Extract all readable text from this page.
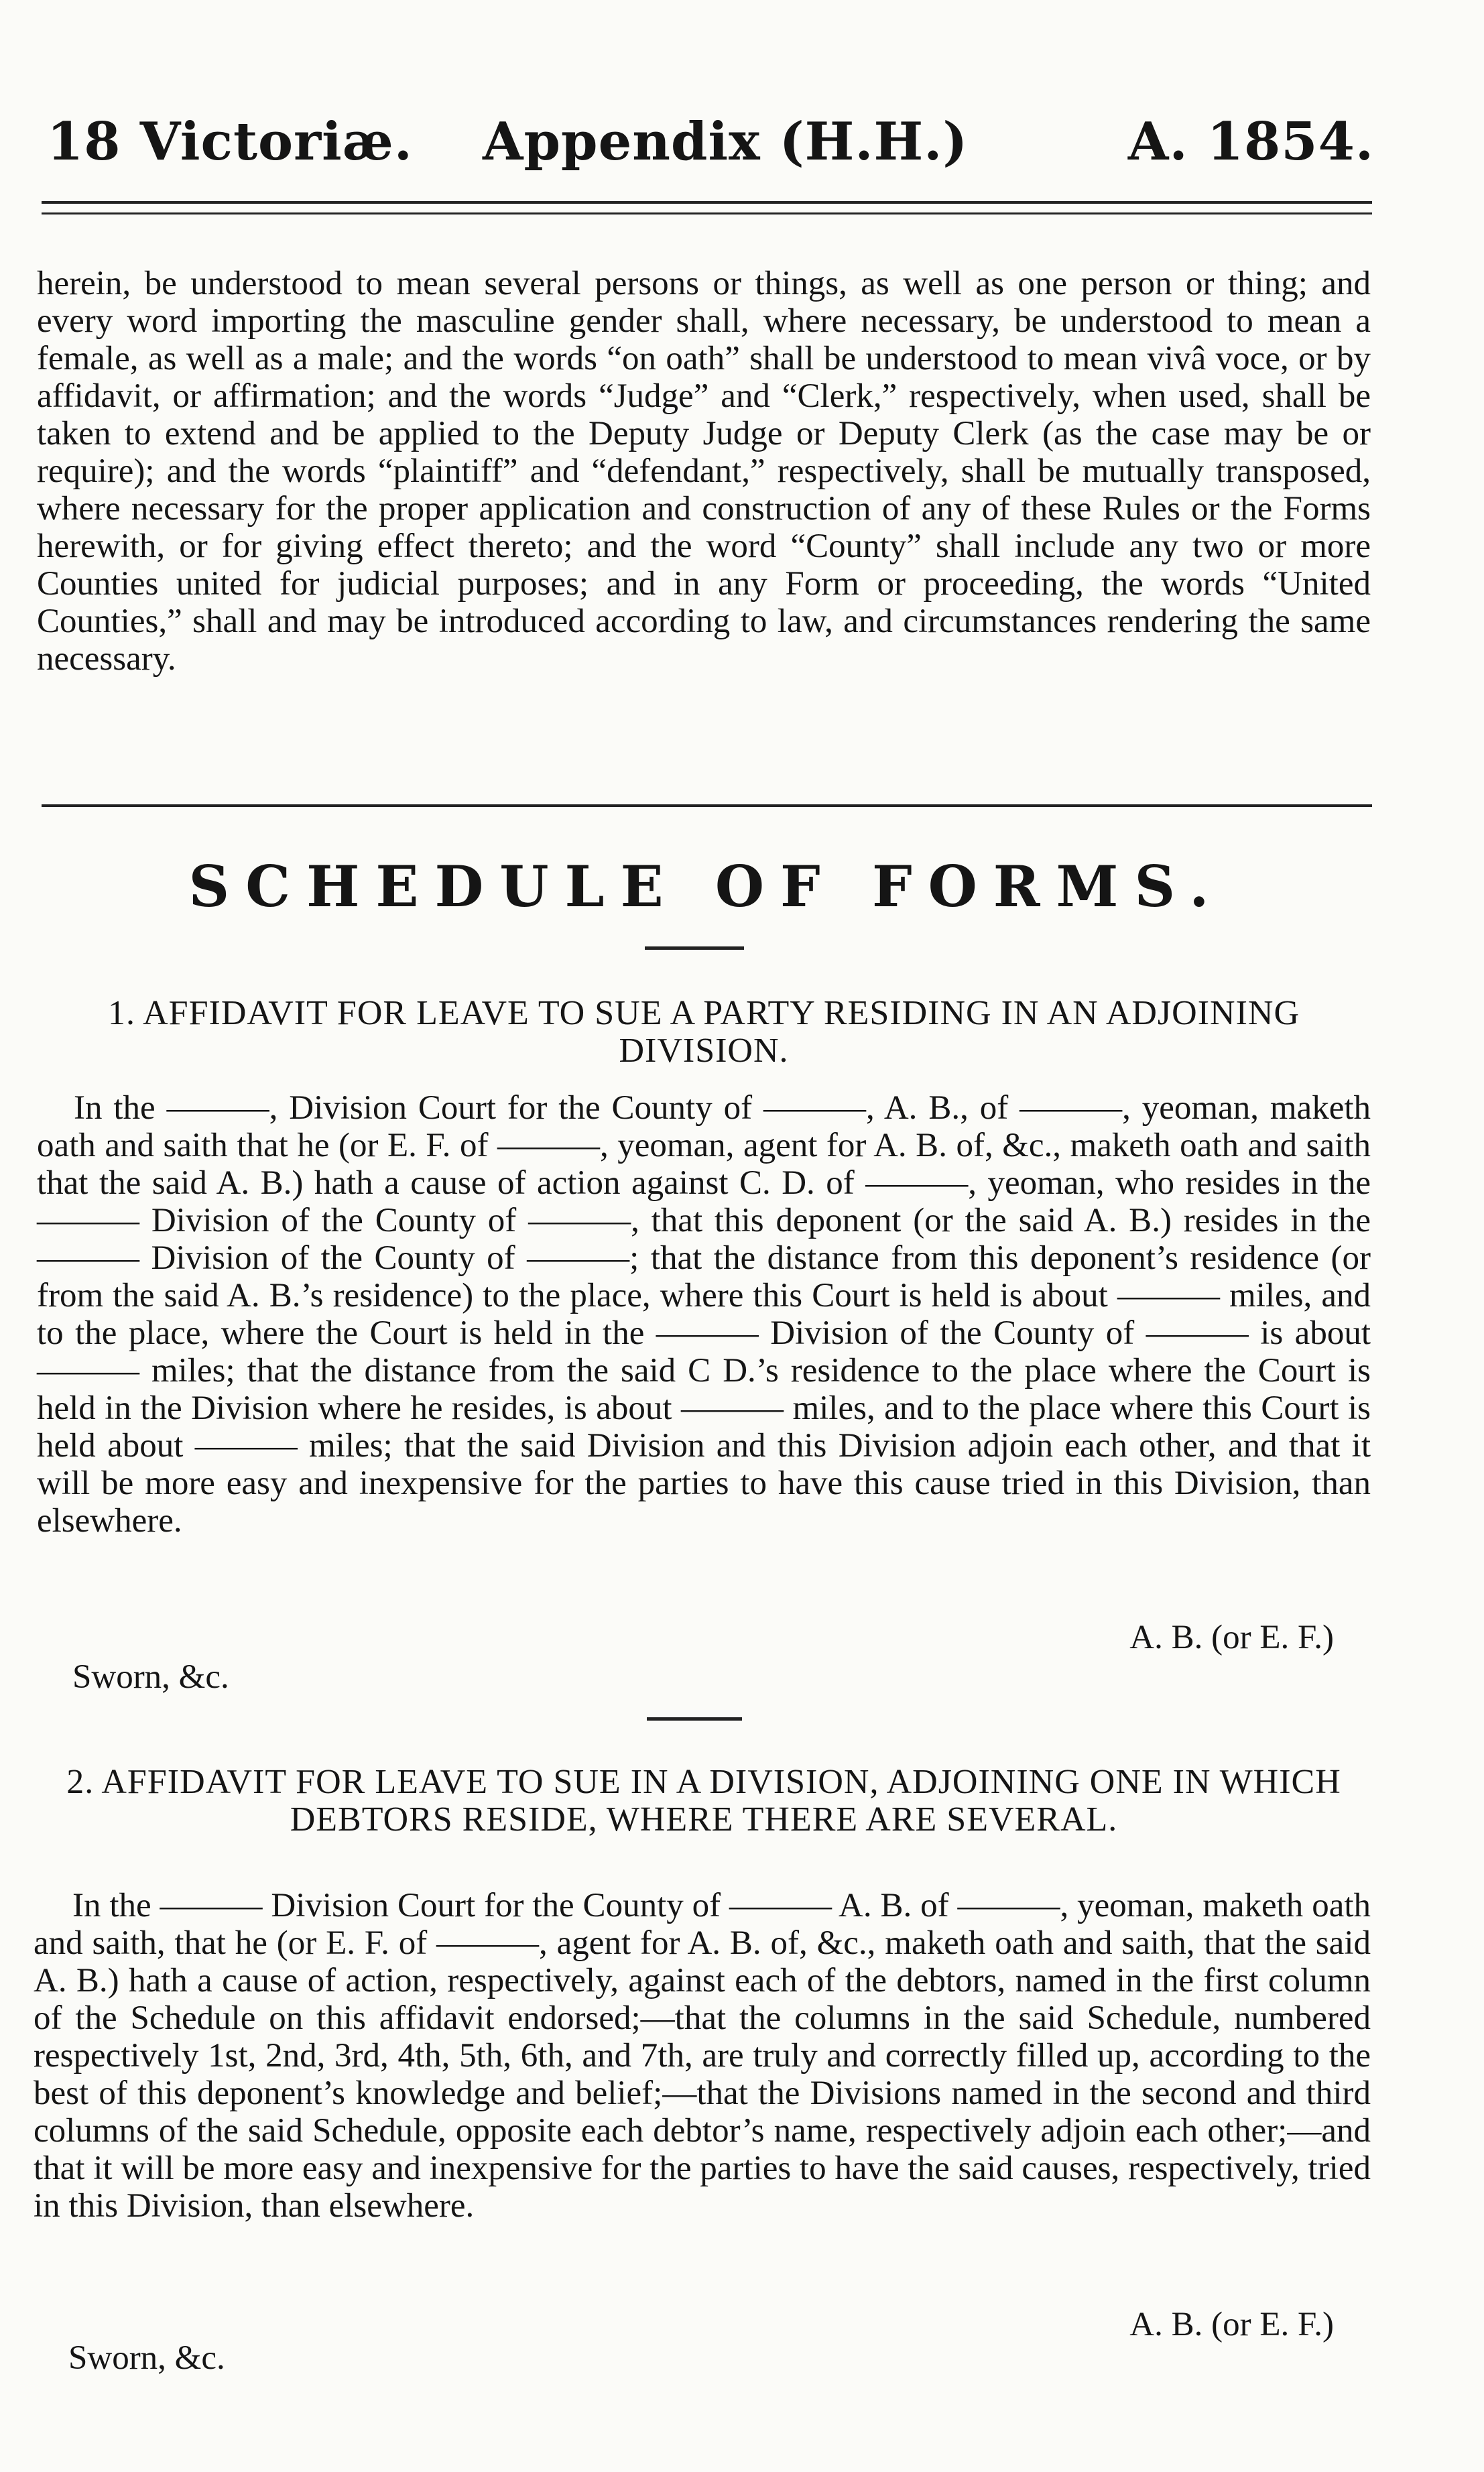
18 Victoriæ. Appendix (H.H.)	A. 1854.
herein, be understood to mean several persons or things, as well as one person or thing; and every word importing the masculine gender shall, where necessary, be understood to mean a female, as well as a male; and the words “on oath” shall be understood to mean vivâ voce, or by affidavit, or affirmation; and the words “Judge” and “Clerk,” respectively, when used, shall be taken to extend and be applied to the Deputy Judge or Deputy Clerk (as the case may be or require); and the words “plaintiff” and “defendant,” respectively, shall be mutually transposed, where necessary for the proper application and construction of any of these Rules or the Forms herewith, or for giving effect thereto; and the word “County” shall include any two or more Counties united for judicial purposes; and in any Form or proceeding, the words “United Counties,” shall and may be introduced according to law, and circumstances rendering the same necessary.
SCHEDULE OF FORMS.
1. AFFIDAVIT FOR LEAVE TO SUE A PARTY RESIDING IN AN ADJOINING DIVISION.
In the ———, Division Court for the County of ———, A. B., of ———, yeoman, maketh oath and saith that he (or E. F. of ———, yeoman, agent for A. B. of, &c., maketh oath and saith that the said A. B.) hath a cause of action against C. D. of ———, yeoman, who resides in the ——— Division of the County of ———, that this deponent (or the said A. B.) resides in the ——— Division of the County of ———; that the distance from this deponent’s residence (or from the said A. B.’s residence) to the place, where this Court is held is about ——— miles, and to the place, where the Court is held in the ——— Division of the County of ——— is about ——— miles; that the distance from the said C D.’s residence to the place where the Court is held in the Division where he resides, is about ——— miles, and to the place where this Court is held about ——— miles; that the said Division and this Division adjoin each other, and that it will be more easy and inexpensive for the parties to have this cause tried in this Division, than elsewhere.
A. B. (or E. F.)
Sworn, &c.
2. AFFIDAVIT FOR LEAVE TO SUE IN A DIVISION, ADJOINING ONE IN WHICH DEBTORS RESIDE, WHERE THERE ARE SEVERAL.
In the ——— Division Court for the County of ——— A. B. of ———, yeoman, maketh oath and saith, that he (or E. F. of ———, agent for A. B. of, &c., maketh oath and saith, that the said A. B.) hath a cause of action, respectively, against each of the debtors, named in the first column of the Schedule on this affidavit endorsed;—that the columns in the said Schedule, numbered respectively 1st, 2nd, 3rd, 4th, 5th, 6th, and 7th, are truly and correctly filled up, according to the best of this deponent’s knowledge and belief;—that the Divisions named in the second and third columns of the said Schedule, opposite each debtor’s name, respectively adjoin each other;—and that it will be more easy and inexpensive for the parties to have the said causes, respectively, tried in this Division, than elsewhere.
A. B. (or E. F.)
Sworn, &c.
